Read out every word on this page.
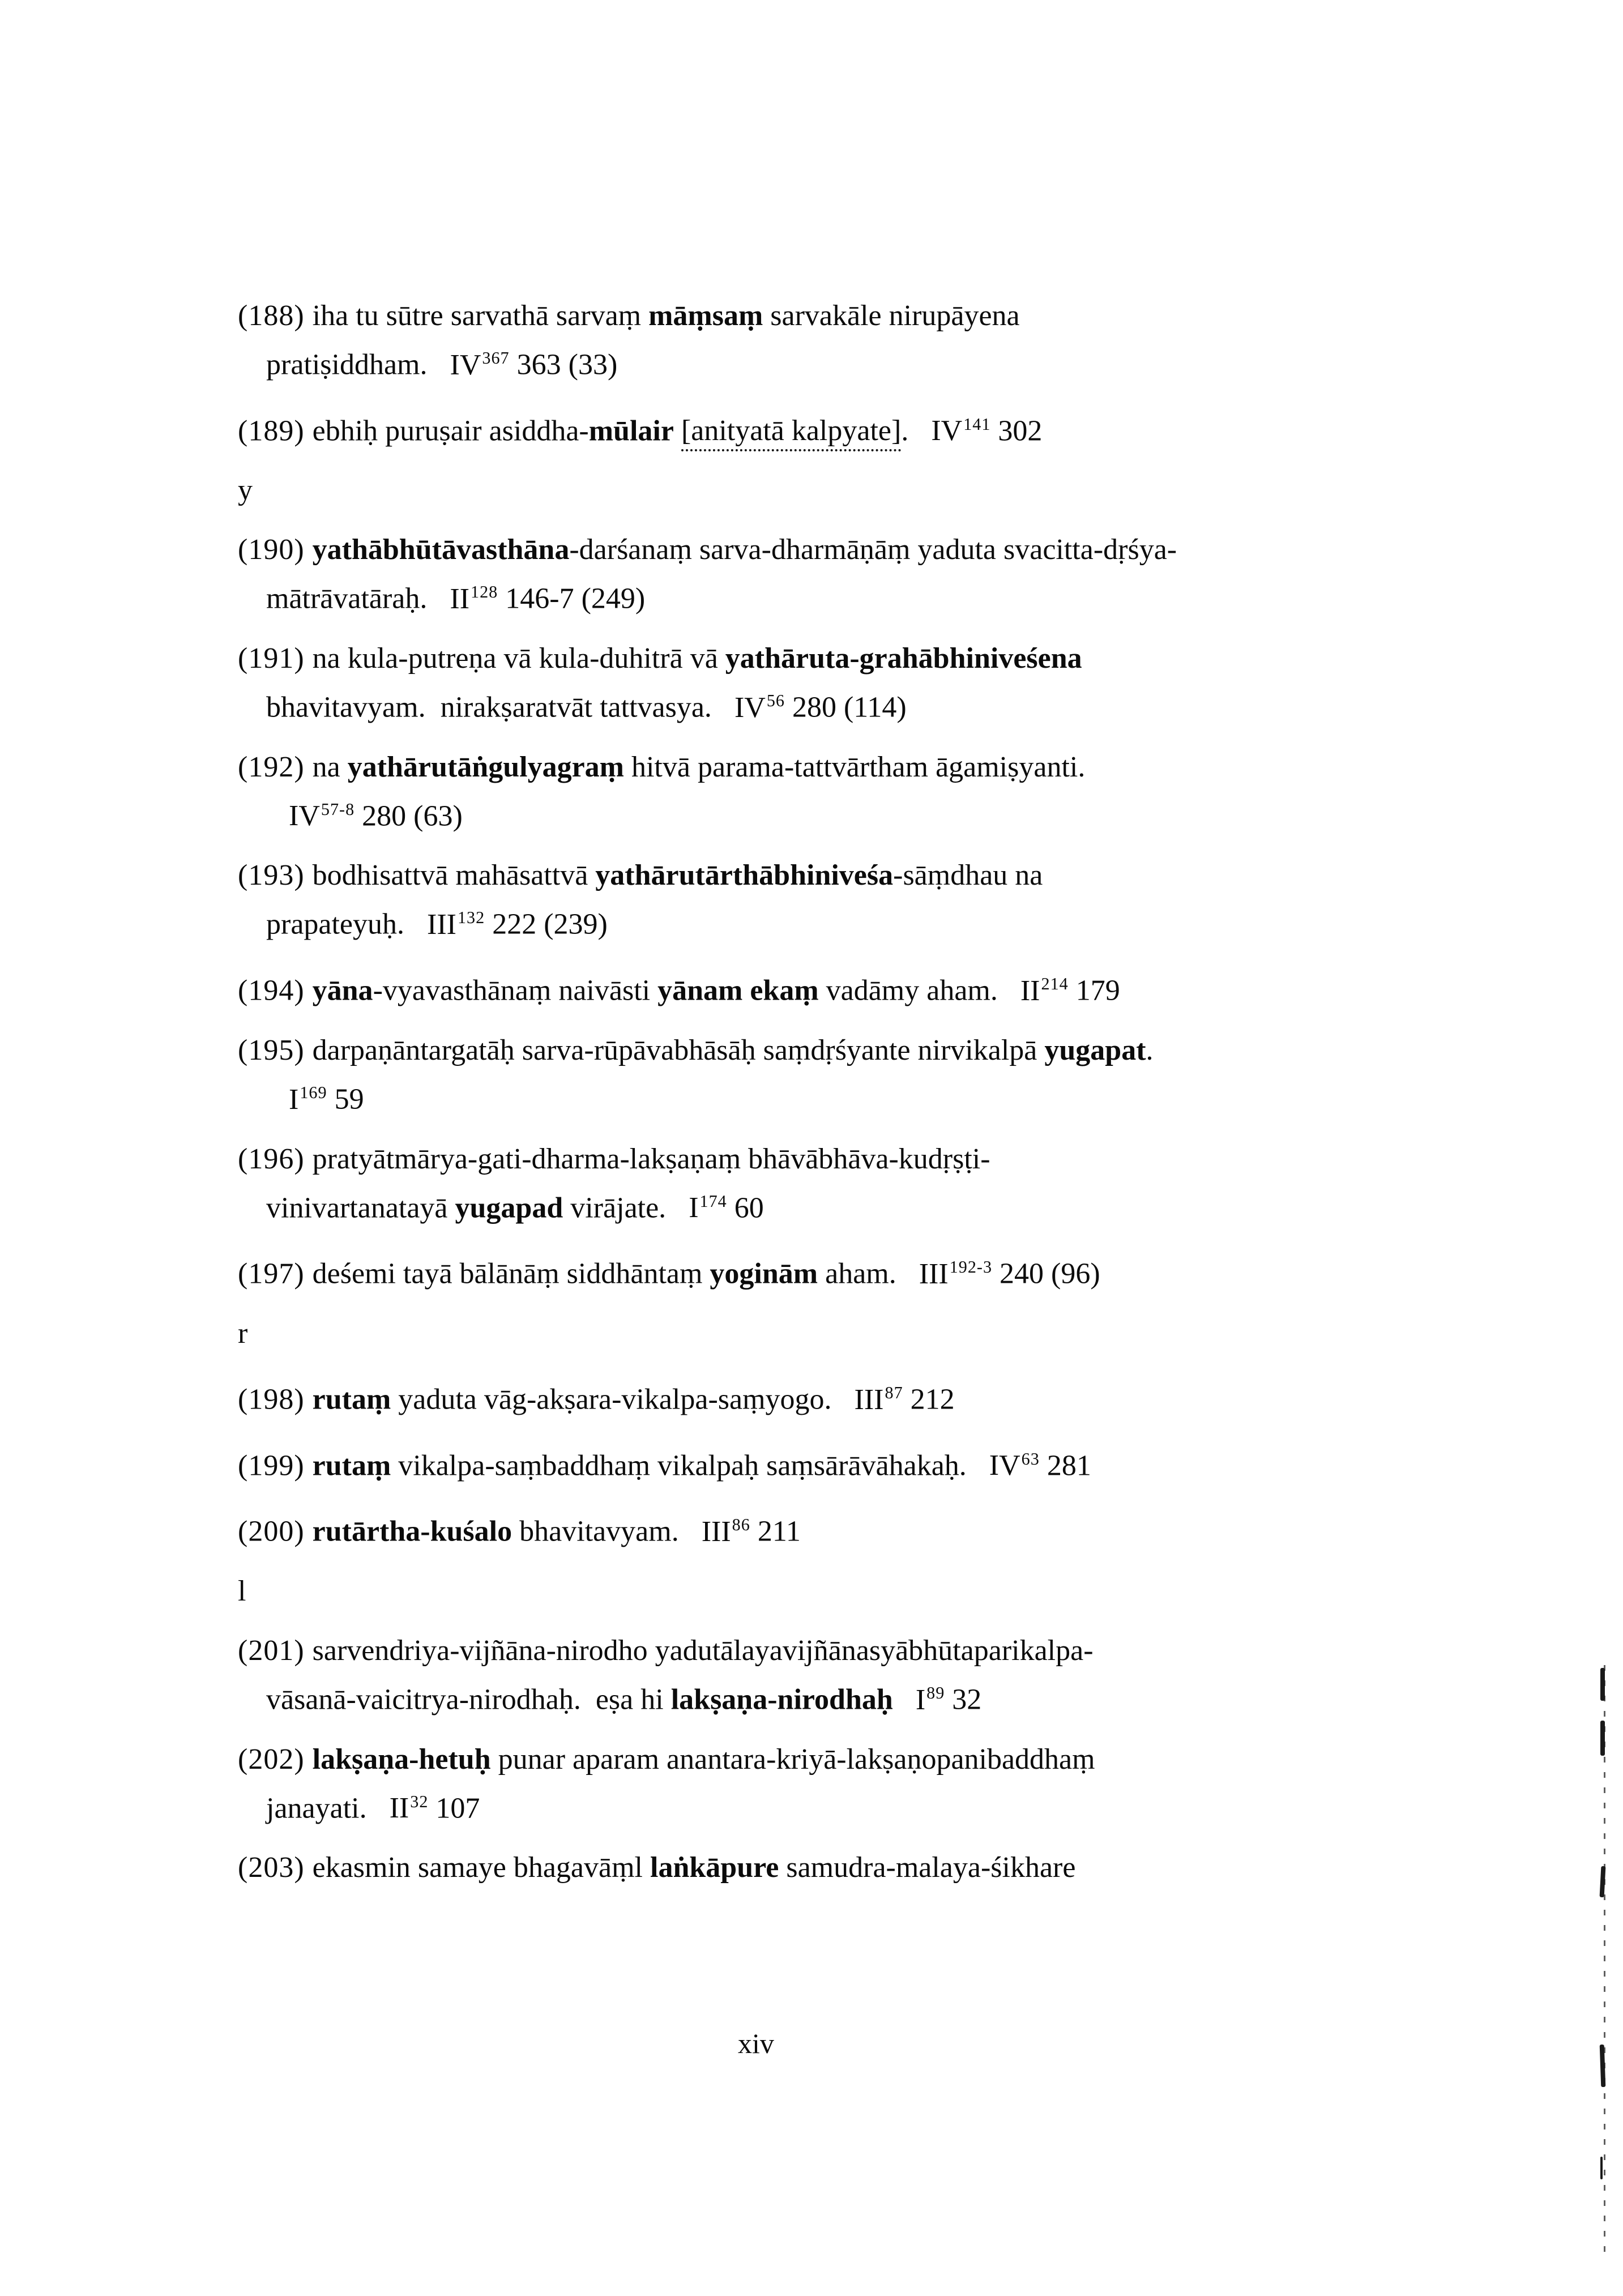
(188) iha tu sūtre sarvathā sarvaṃ māṃsaṃ sarvakāle nirupāyena
pratiṣiddham. IV$^{367}$ 363 (33)

(189) ebhiḥ puruṣair asiddha-mūlair [anityatā kalpyate]. IV$^{141}$ 302

y

(190) yathābhūtāvasthāna-darśanaṃ sarva-dharmāṇāṃ yaduta svacitta-dṛśya-
mātrāvatāraḥ. II$^{128}$ 146-7 (249)

(191) na kula-putreṇa vā kula-duhitrā vā yathāruta-grahābhiniveśena
bhavitavyam.  nirakṣaratvāt tattvasya. IV$^{56}$ 280 (114)

(192) na yathārutāṅgulyagraṃ hitvā parama-tattvārtham āgamiṣyanti.
IV$^{57-8}$ 280 (63)

(193) bodhisattvā mahāsattvā yathārutārthābhiniveśa-sāṃdhau na
prapateyuḥ. III$^{132}$ 222 (239)

(194) yāna-vyavasthānaṃ naivāsti yānam ekaṃ vadāmy aham. II$^{214}$ 179

(195) darpaṇāntargatāḥ sarva-rūpāvabhāsāḥ saṃdṛśyante nirvikalpā yugapat.
$I^{169}$ 59

(196) pratyātmārya-gati-dharma-lakṣaṇaṃ bhāvābhāva-kudṛṣṭi-
vinivartanatayā yugapad virājate. $I^{174}$ 60

(197) deśemi tayā bālānāṃ siddhāntaṃ yoginām aham. III$^{192-3}$ 240 (96)

r

(198) rutaṃ yaduta vāg-akṣara-vikalpa-saṃyogo. III$^{87}$ 212

(199) rutaṃ vikalpa-saṃbaddhaṃ vikalpaḥ saṃsārāvāhakaḥ. IV$^{63}$ 281

(200) rutārtha-kuśalo bhavitavyam. III$^{86}$ 211

l

(201) sarvendriya-vijñāna-nirodho yadutālayavijñānasyābhūtaparikalpa-
vāsanā-vaicitrya-nirodhaḥ.  eṣa hi lakṣaṇa-nirodhaḥ $I^{89}$ 32

(202) lakṣaṇa-hetuḥ punar aparam anantara-kriyā-lakṣaṇopanibaddhaṃ
janayati. II$^{32}$ 107

(203) ekasmin samaye bhagavāṃl laṅkāpure samudra-malaya-śikhare

xiv
